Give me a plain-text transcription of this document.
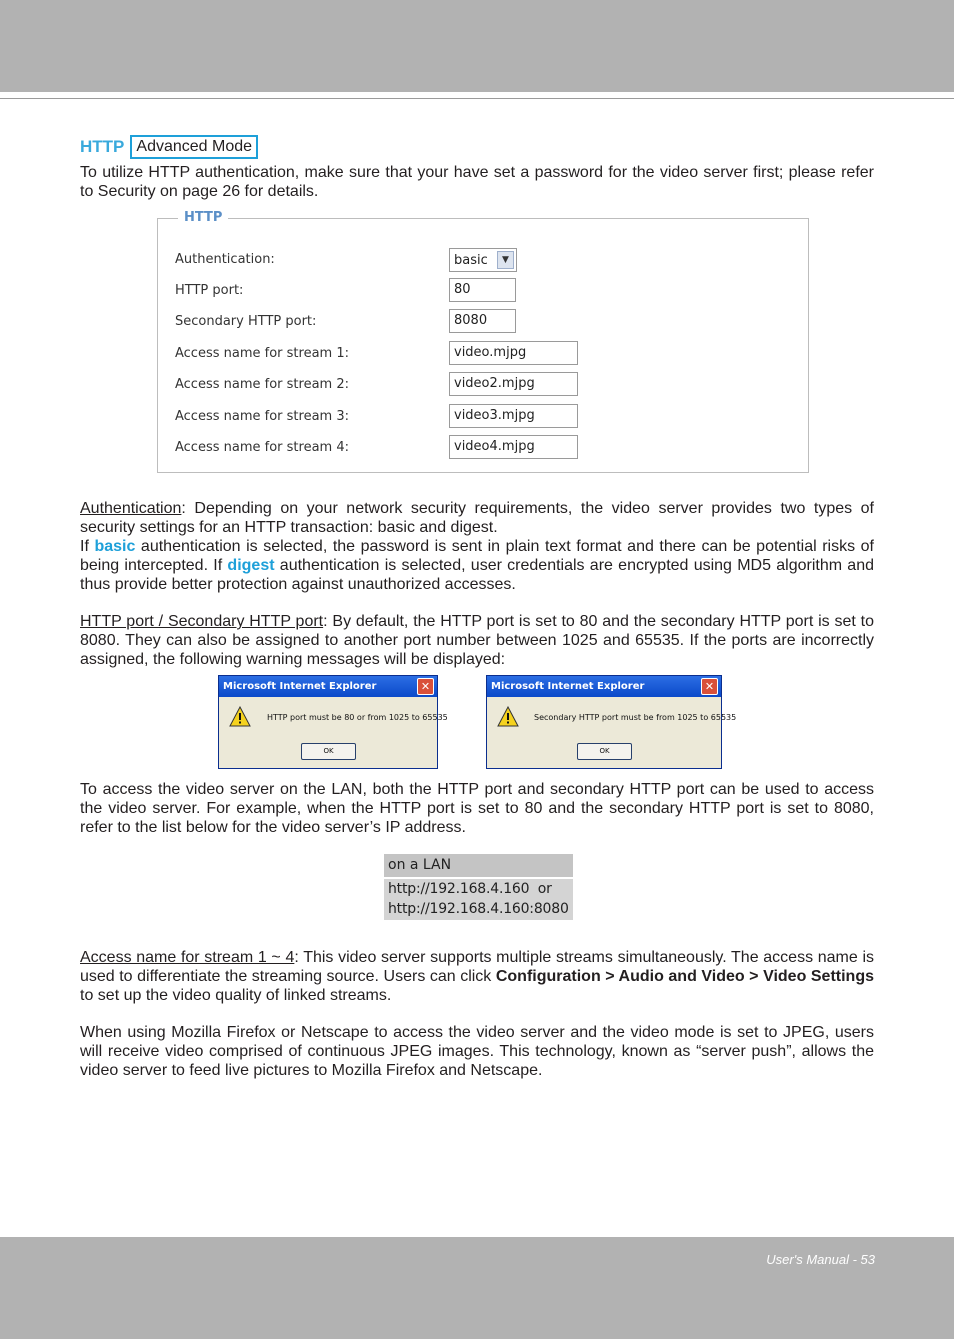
HTTP Advanced Mode
To utilize HTTP authentication, make sure that your have set a password for the video server first; please refer to Security on page 26 for details.
HTTP
Authentication:	basic	▼
HTTP port:	80
Secondary HTTP port:	8080
Access name for stream 1:	video.mjpg
Access name for stream 2:	video2.mjpg
Access name for stream 3:	video3.mjpg
Access name for stream 4:	video4.mjpg
Authentication: Depending on your network security requirements, the video server provides two types of security settings for an HTTP transaction: basic and digest.
If basic authentication is selected, the password is sent in plain text format and there can be potential risks of being intercepted. If digest authentication is selected, user credentials are encrypted using MD5 algorithm and thus provide better protection against unauthorized accesses.
HTTP port / Secondary HTTP port: By default, the HTTP port is set to 80 and the secondary HTTP port is set to 8080. They can also be assigned to another port number between 1025 and 65535. If the ports are incorrectly assigned, the following warning messages will be displayed:
Microsoft Internet Explorer	✕
HTTP port must be 80 or from 1025 to 65535
OK
Microsoft Internet Explorer	✕
Secondary HTTP port must be from 1025 to 65535
OK
To access the video server on the LAN, both the HTTP port and secondary HTTP port can be used to access the video server. For example, when the HTTP port is set to 80 and the secondary HTTP port is set to 8080, refer to the list below for the video server’s IP address.
on a LAN
http://192.168.4.160  or
http://192.168.4.160:8080
Access name for stream 1 ~ 4: This video server supports multiple streams simultaneously. The access name is used to differentiate the streaming source. Users can click Configuration > Audio and Video > Video Settings to set up the video quality of linked streams.
When using Mozilla Firefox or Netscape to access the video server and the video mode is set to JPEG, users will receive video comprised of continuous JPEG images. This technology, known as “server push”, allows the video server to feed live pictures to Mozilla Firefox and Netscape.
User's Manual - 53
